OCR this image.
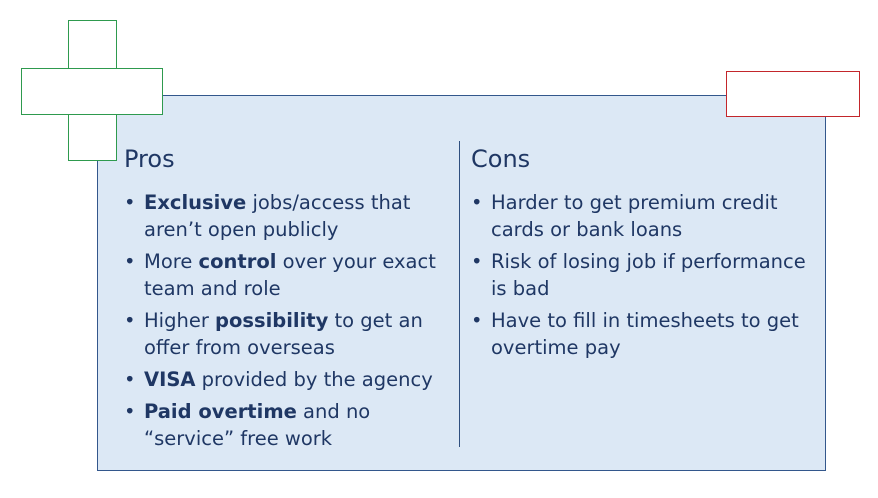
Pros
• Exclusive jobs/access that aren’t open publicly
• More control over your exact team and role
• Higher possibility to get an offer from overseas
• VISA provided by the agency
• Paid overtime and no “service” free work
Cons
• Harder to get premium credit cards or bank loans
• Risk of losing job if performance is bad
• Have to fill in timesheets to get overtime pay
